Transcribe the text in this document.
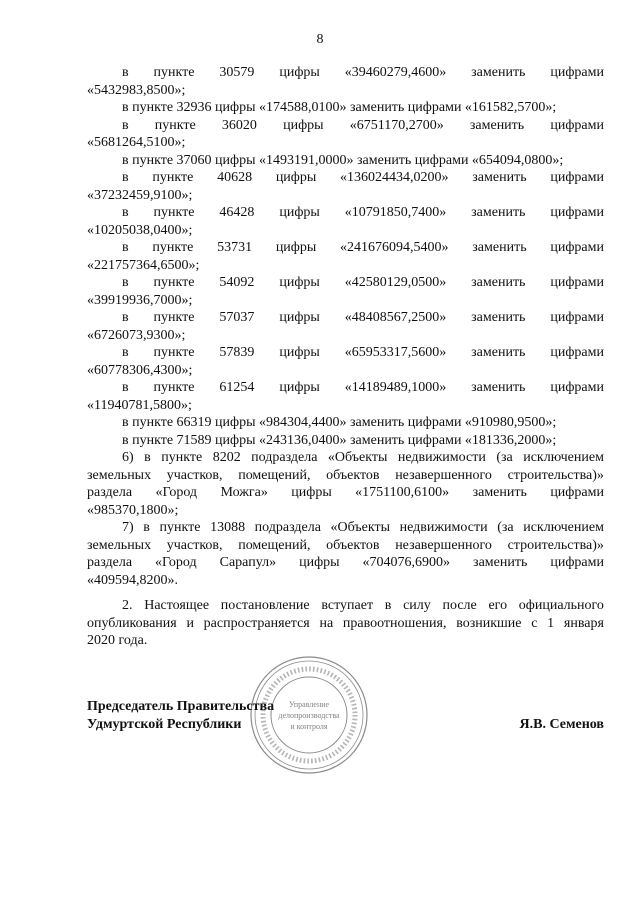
8
в пункте 30579 цифры «39460279,4600» заменить цифрами
«5432983,8500»;
в пункте 32936 цифры «174588,0100» заменить цифрами «161582,5700»;
в пункте 36020 цифры «6751170,2700» заменить цифрами
«5681264,5100»;
в пункте 37060 цифры «1493191,0000» заменить цифрами «654094,0800»;
в пункте 40628 цифры «136024434,0200» заменить цифрами
«37232459,9100»;
в пункте 46428 цифры «10791850,7400» заменить цифрами
«10205038,0400»;
в пункте 53731 цифры «241676094,5400» заменить цифрами
«221757364,6500»;
в пункте 54092 цифры «42580129,0500» заменить цифрами
«39919936,7000»;
в пункте 57037 цифры «48408567,2500» заменить цифрами
«6726073,9300»;
в пункте 57839 цифры «65953317,5600» заменить цифрами
«60778306,4300»;
в пункте 61254 цифры «14189489,1000» заменить цифрами
«11940781,5800»;
в пункте 66319 цифры «984304,4400» заменить цифрами «910980,9500»;
в пункте 71589 цифры «243136,0400» заменить цифрами «181336,2000»;
6) в пункте 8202 подраздела «Объекты недвижимости (за исключением
земельных участков, помещений, объектов незавершенного строительства)»
раздела «Город Можга» цифры «1751100,6100» заменить цифрами
«985370,1800»;
7) в пункте 13088 подраздела «Объекты недвижимости (за исключением
земельных участков, помещений, объектов незавершенного строительства)»
раздела «Город Сарапул» цифры «704076,6900» заменить цифрами
«409594,8200».
2. Настоящее постановление вступает в силу после его официального
опубликования и распространяется на правоотношения, возникшие с 1 января
2020 года.
Председатель Правительства
Удмуртской Республики	Я.В. Семенов
Управление
делопроизводства
и контроля
